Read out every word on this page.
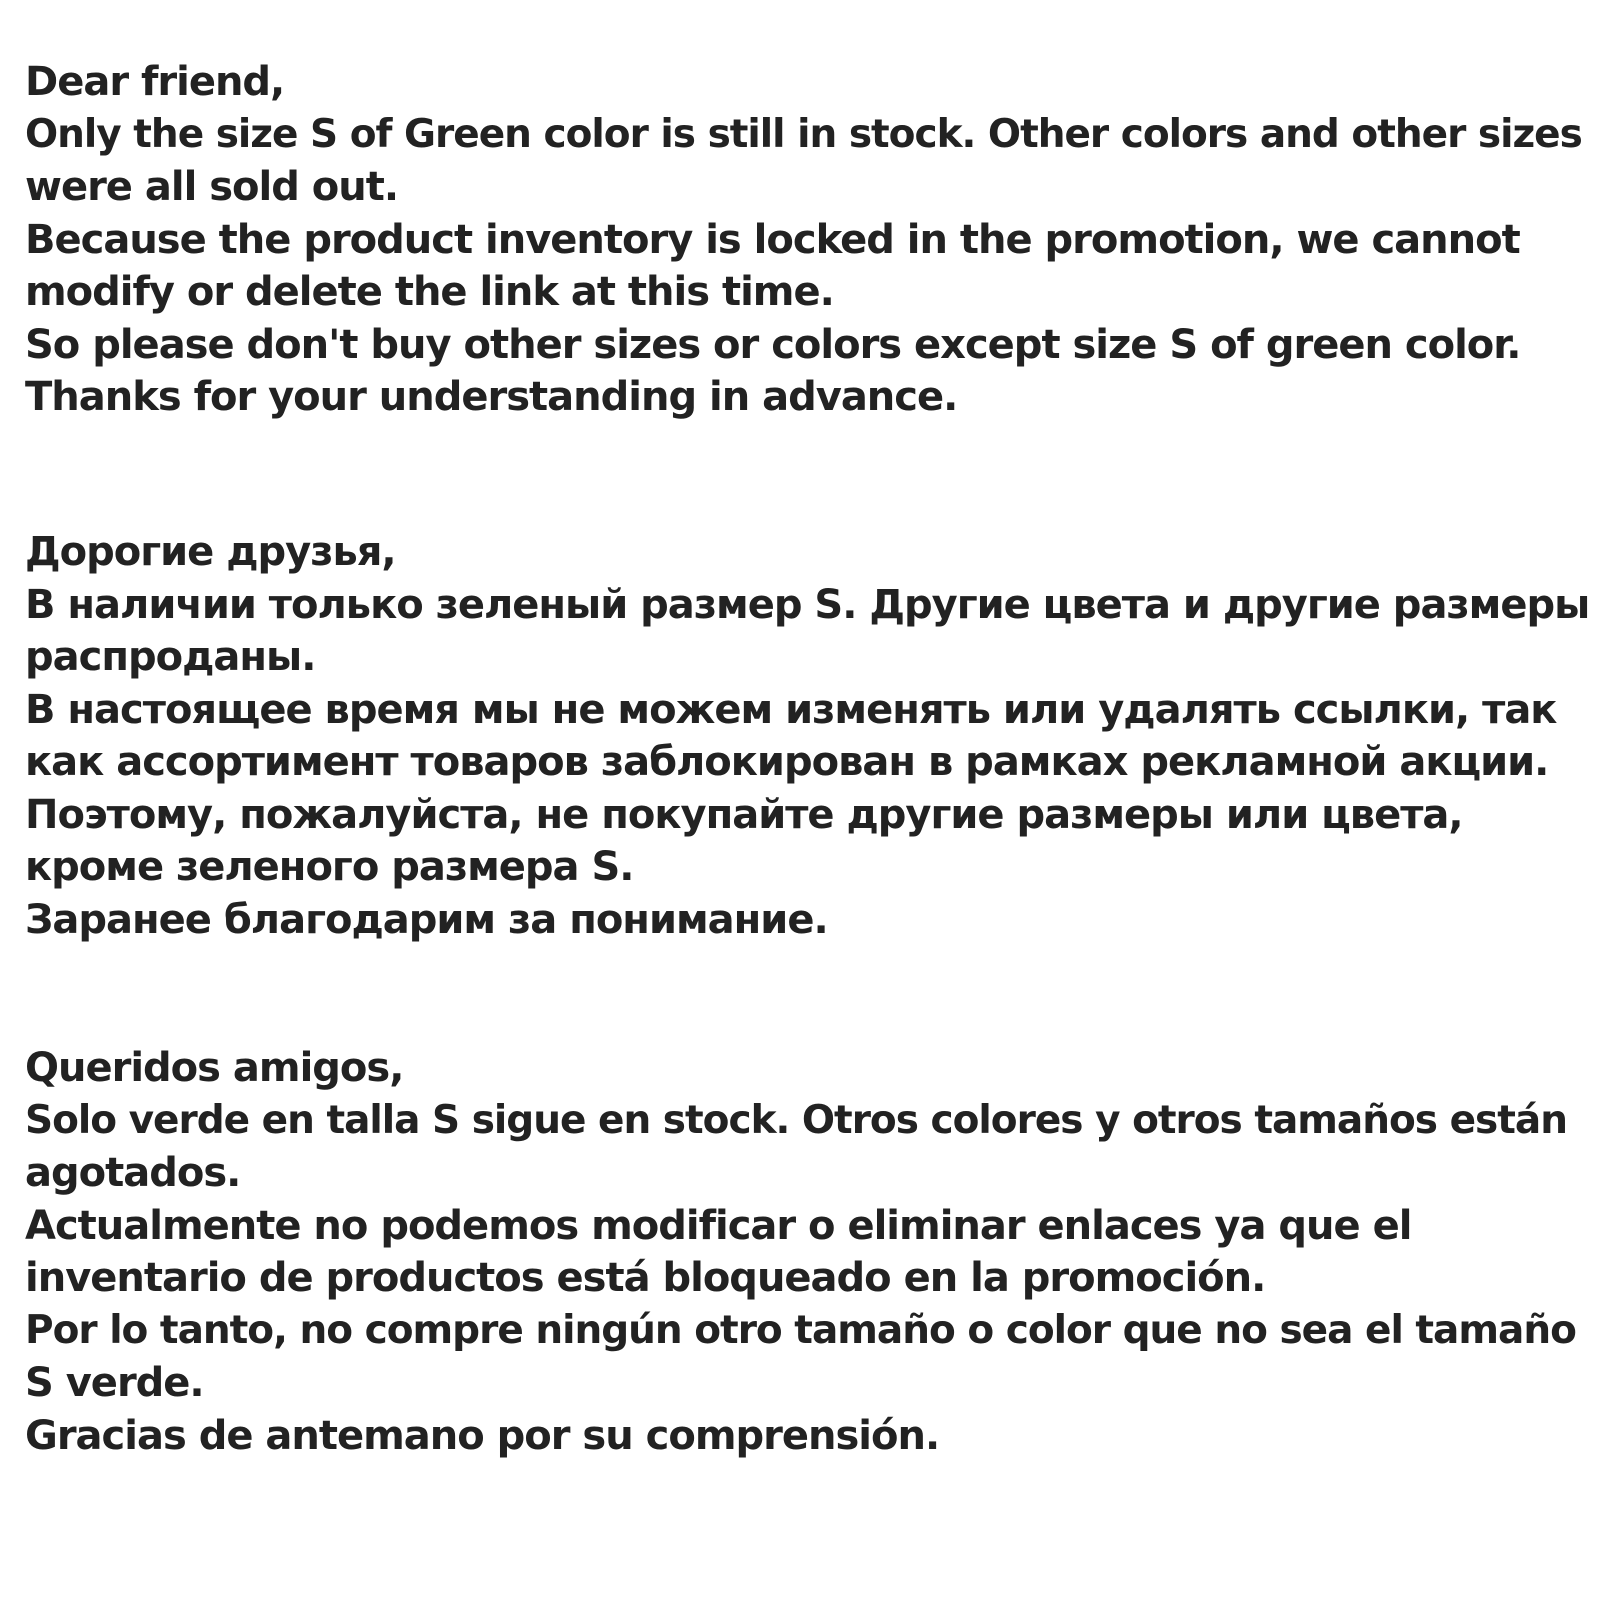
Dear friend,
Only the size S of Green color is still in stock. Other colors and other sizes
were all sold out.
Because the product inventory is locked in the promotion, we cannot
modify or delete the link at this time.
So please don't buy other sizes or colors except size S of green color.
Thanks for your understanding in advance.
Дорогие друзья,
В наличии только зеленый размер S. Другие цвета и другие размеры
распроданы.
В настоящее время мы не можем изменять или удалять ссылки, так
как ассортимент товаров заблокирован в рамках рекламной акции.
Поэтому, пожалуйста, не покупайте другие размеры или цвета,
кроме зеленого размера S.
Заранее благодарим за понимание.
Queridos amigos,
Solo verde en talla S sigue en stock. Otros colores y otros tamaños están
agotados.
Actualmente no podemos modificar o eliminar enlaces ya que el
inventario de productos está bloqueado en la promoción.
Por lo tanto, no compre ningún otro tamaño o color que no sea el tamaño
S verde.
Gracias de antemano por su comprensión.
